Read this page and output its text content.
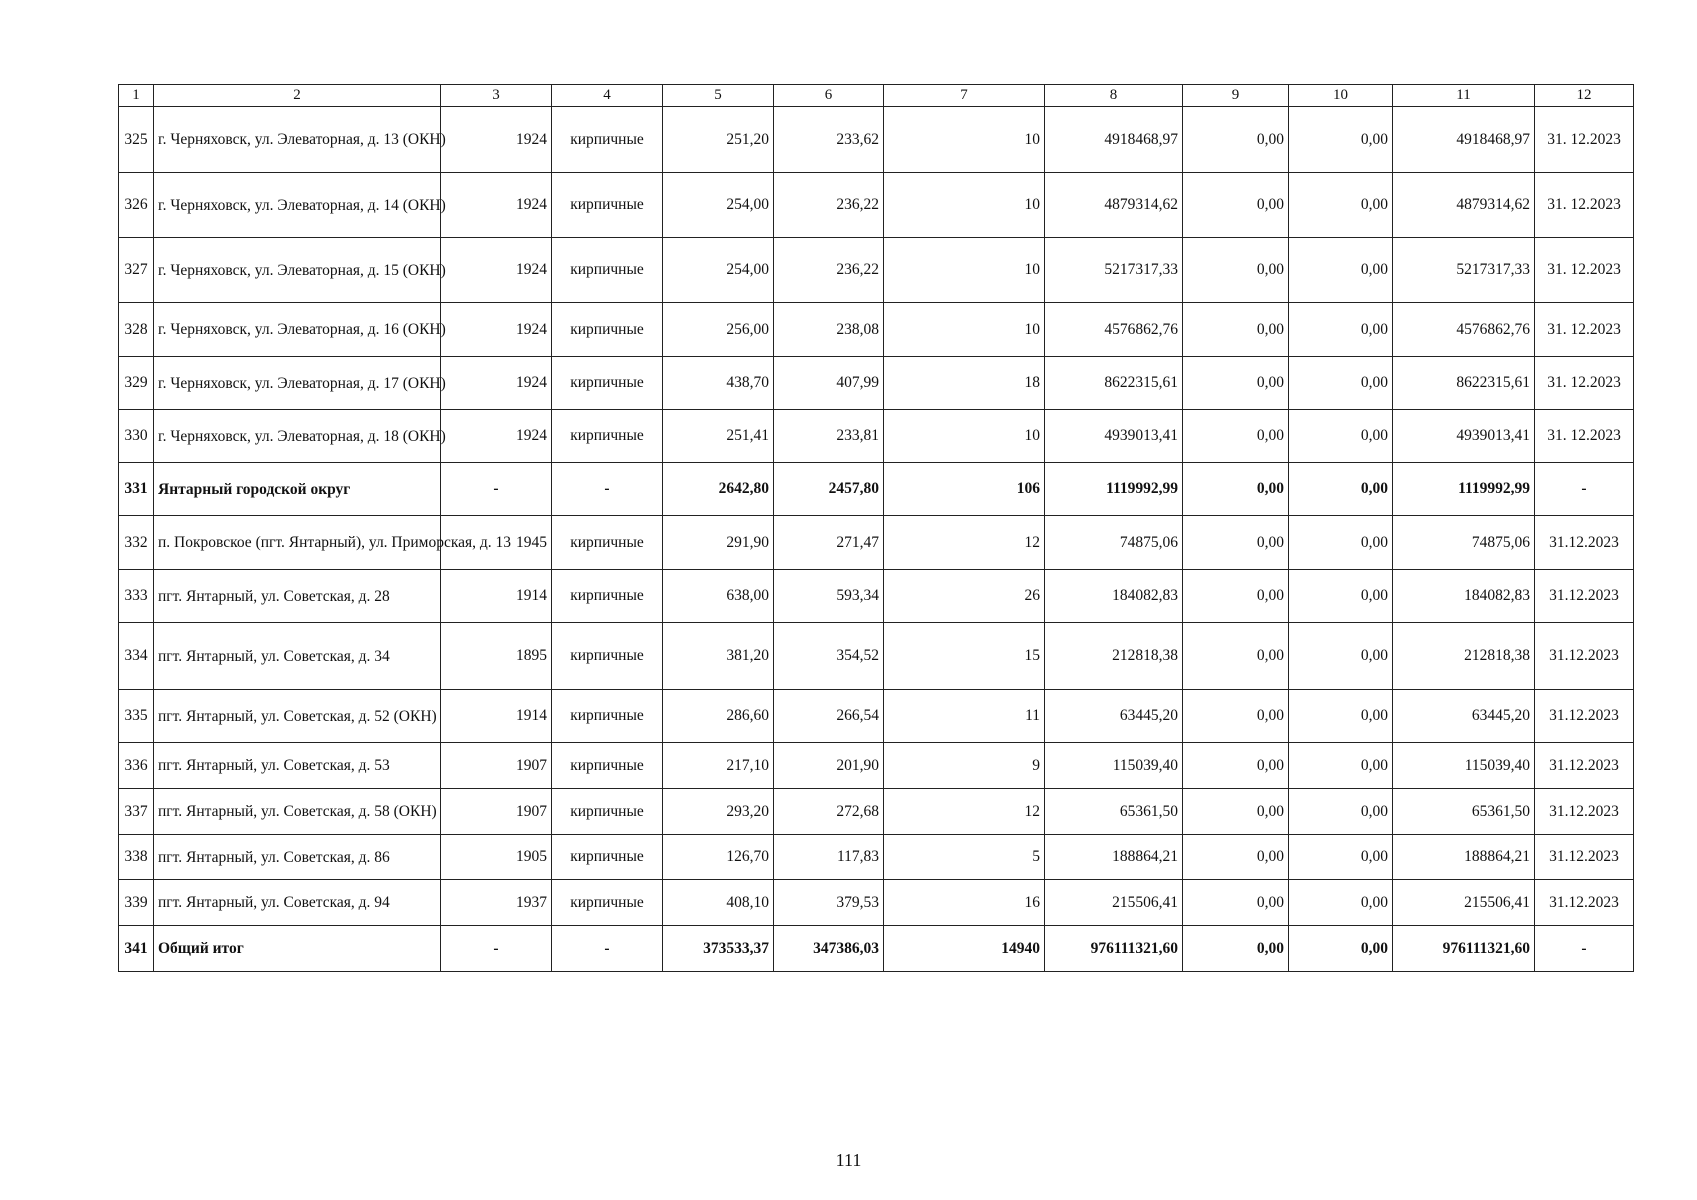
1	2	3	4	5	6	7	8	9	10	11	12
325	г. Черняховск, ул. Элеваторная, д. 13 (ОКН)	1924	кирпичные	251,20	233,62	10	4918468,97	0,00	0,00	4918468,97	31. 12.2023
326	г. Черняховск, ул. Элеваторная, д. 14 (ОКН)	1924	кирпичные	254,00	236,22	10	4879314,62	0,00	0,00	4879314,62	31. 12.2023
327	г. Черняховск, ул. Элеваторная, д. 15 (ОКН)	1924	кирпичные	254,00	236,22	10	5217317,33	0,00	0,00	5217317,33	31. 12.2023
328	г. Черняховск, ул. Элеваторная, д. 16 (ОКН)	1924	кирпичные	256,00	238,08	10	4576862,76	0,00	0,00	4576862,76	31. 12.2023
329	г. Черняховск, ул. Элеваторная, д. 17 (ОКН)	1924	кирпичные	438,70	407,99	18	8622315,61	0,00	0,00	8622315,61	31. 12.2023
330	г. Черняховск, ул. Элеваторная, д. 18 (ОКН)	1924	кирпичные	251,41	233,81	10	4939013,41	0,00	0,00	4939013,41	31. 12.2023
331	Янтарный городской округ	-	-	2642,80	2457,80	106	1119992,99	0,00	0,00	1119992,99	-
332	п. Покровское (пгт. Янтарный), ул. Приморская, д. 13	1945	кирпичные	291,90	271,47	12	74875,06	0,00	0,00	74875,06	31.12.2023
333	пгт. Янтарный, ул. Советская, д. 28	1914	кирпичные	638,00	593,34	26	184082,83	0,00	0,00	184082,83	31.12.2023
334	пгт. Янтарный, ул. Советская, д. 34	1895	кирпичные	381,20	354,52	15	212818,38	0,00	0,00	212818,38	31.12.2023
335	пгт. Янтарный, ул. Советская, д. 52 (ОКН)	1914	кирпичные	286,60	266,54	11	63445,20	0,00	0,00	63445,20	31.12.2023
336	пгт. Янтарный, ул. Советская, д. 53	1907	кирпичные	217,10	201,90	9	115039,40	0,00	0,00	115039,40	31.12.2023
337	пгт. Янтарный, ул. Советская, д. 58 (ОКН)	1907	кирпичные	293,20	272,68	12	65361,50	0,00	0,00	65361,50	31.12.2023
338	пгт. Янтарный, ул. Советская, д. 86	1905	кирпичные	126,70	117,83	5	188864,21	0,00	0,00	188864,21	31.12.2023
339	пгт. Янтарный, ул. Советская, д. 94	1937	кирпичные	408,10	379,53	16	215506,41	0,00	0,00	215506,41	31.12.2023
341	Общий итог	-	-	373533,37	347386,03	14940	976111321,60	0,00	0,00	976111321,60	-
111
